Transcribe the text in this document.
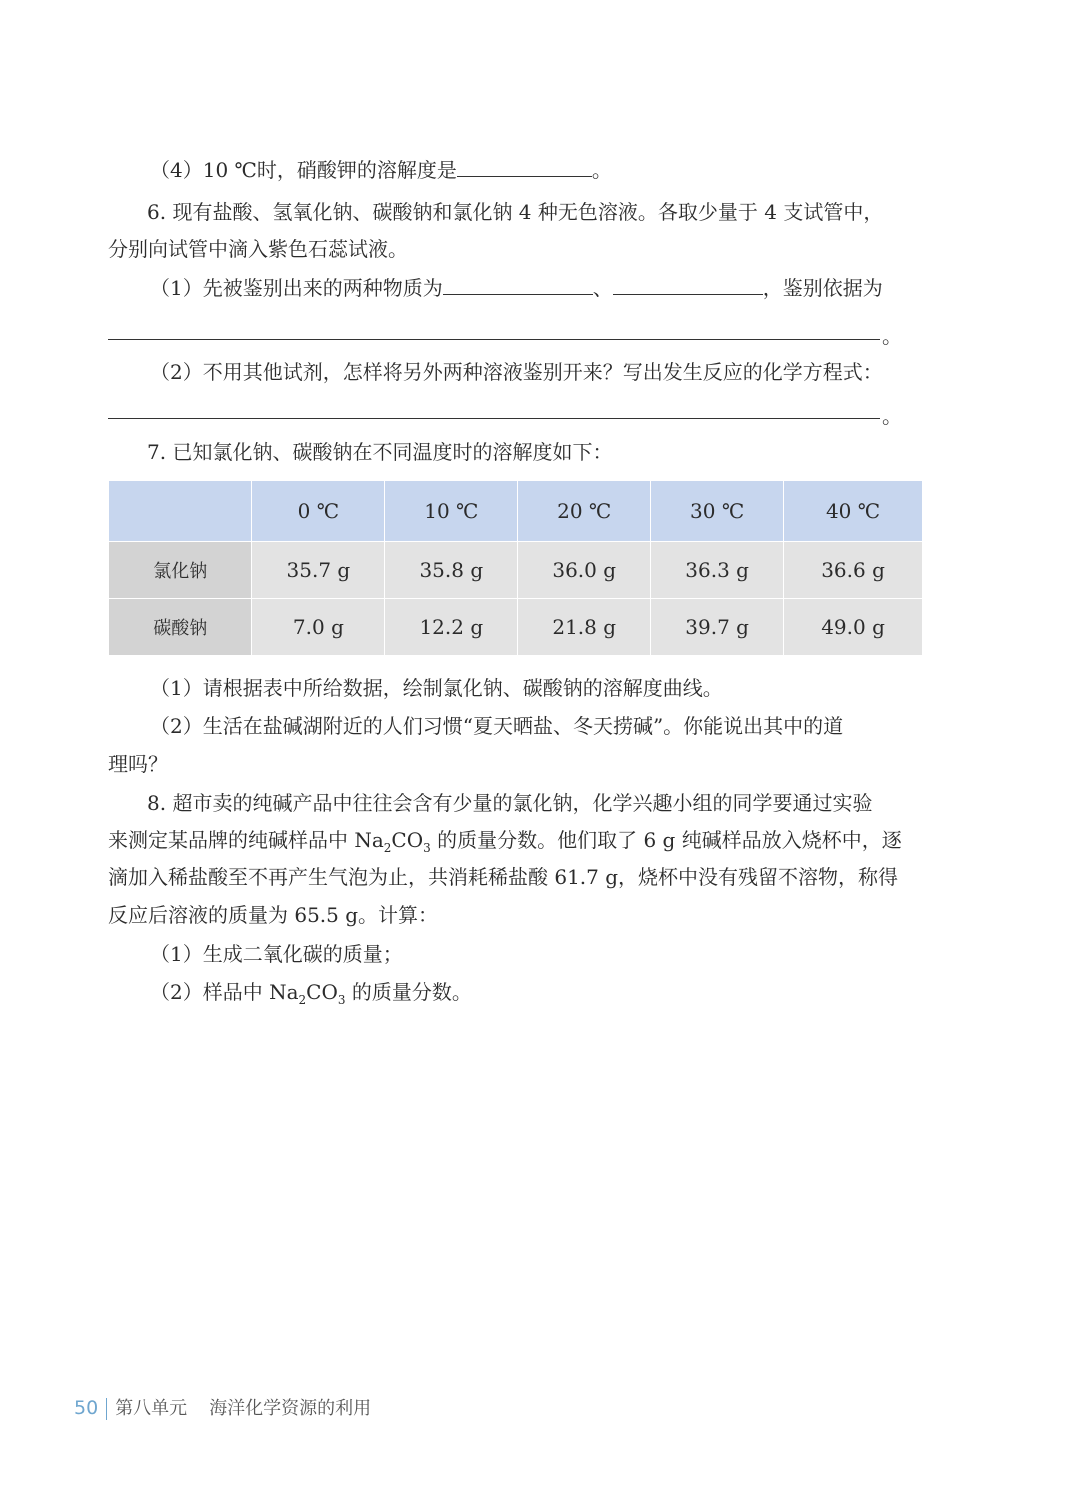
（4）10 ℃时，硝酸钾的溶解度是	。
6. 现有盐酸、氢氧化钠、碳酸钠和氯化钠 4 种无色溶液。各取少量于 4 支试管中，
分别向试管中滴入紫色石蕊试液。
（1）先被鉴别出来的两种物质为	、	，鉴别依据为
。
（2）不用其他试剂，怎样将另外两种溶液鉴别开来？写出发生反应的化学方程式：
。
7. 已知氯化钠、碳酸钠在不同温度时的溶解度如下：
	0 ℃	10 ℃	20 ℃	30 ℃	40 ℃
氯化钠	35.7 g	35.8 g	36.0 g	36.3 g	36.6 g
碳酸钠	7.0 g	12.2 g	21.8 g	39.7 g	49.0 g
（1）请根据表中所给数据，绘制氯化钠、碳酸钠的溶解度曲线。
（2）生活在盐碱湖附近的人们习惯“夏天晒盐、冬天捞碱”。你能说出其中的道
理吗？
8. 超市卖的纯碱产品中往往会含有少量的氯化钠，化学兴趣小组的同学要通过实验
来测定某品牌的纯碱样品中 $Na_2CO_3$ 的质量分数。他们取了 6 g 纯碱样品放入烧杯中，逐
滴加入稀盐酸至不再产生气泡为止，共消耗稀盐酸 61.7 g，烧杯中没有残留不溶物，称得
反应后溶液的质量为 65.5 g。计算：
（1）生成二氧化碳的质量；
（2）样品中 $Na_2CO_3$ 的质量分数。
50 第八单元 海洋化学资源的利用
